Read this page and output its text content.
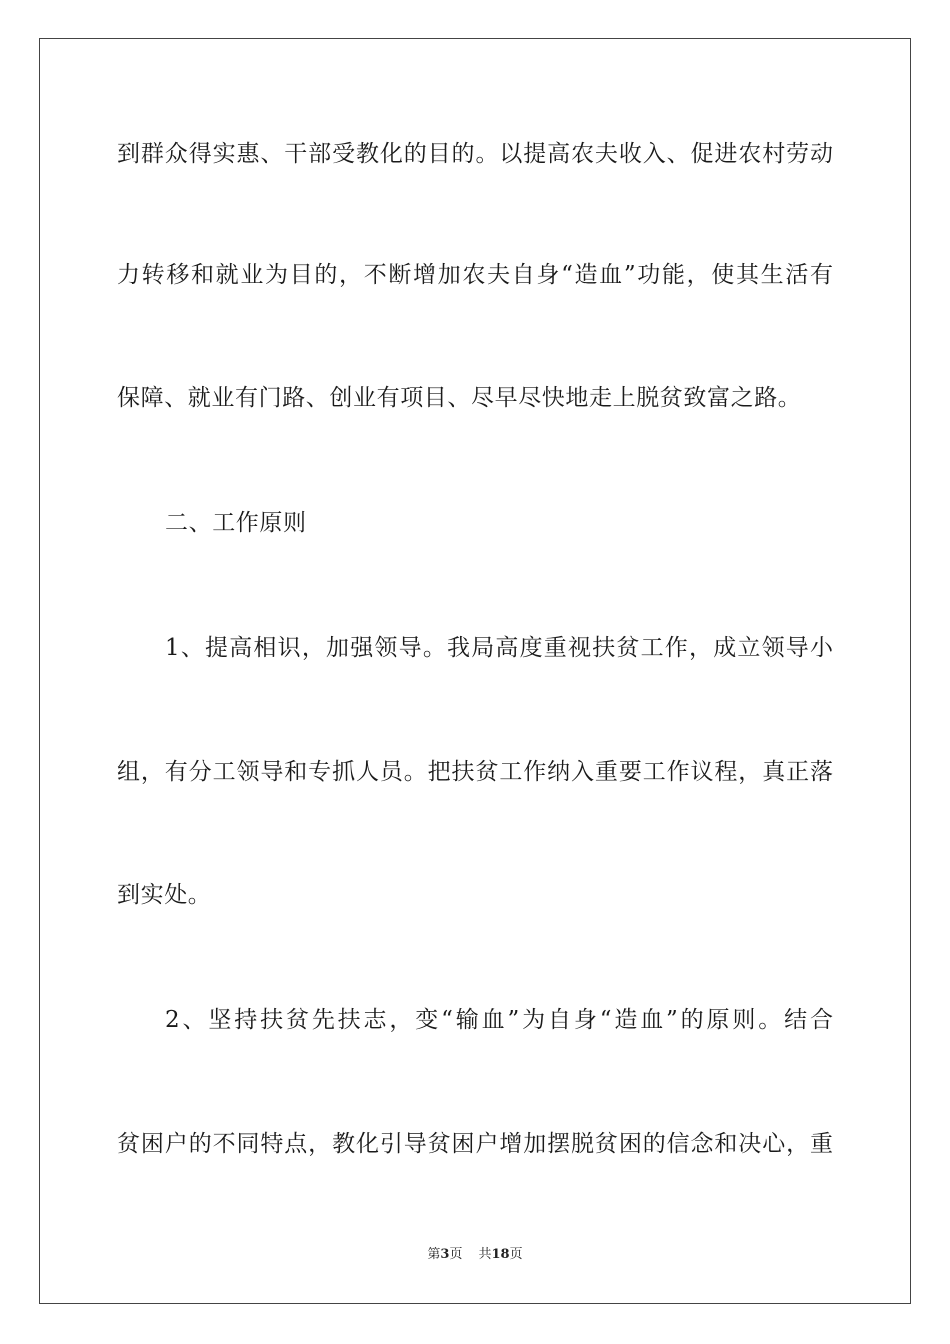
到群众得实惠、干部受教化的目的。以提高农夫收入、促进农村劳动
力转移和就业为目的，不断增加农夫自身“造血”功能，使其生活有
保障、就业有门路、创业有项目、尽早尽快地走上脱贫致富之路。
二、工作原则
1、提高相识，加强领导。我局高度重视扶贫工作，成立领导小
组，有分工领导和专抓人员。把扶贫工作纳入重要工作议程，真正落
到实处。
2、坚持扶贫先扶志，变“输血”为自身“造血”的原则。结合
贫困户的不同特点，教化引导贫困户增加摆脱贫困的信念和决心，重
第3页 共18页
